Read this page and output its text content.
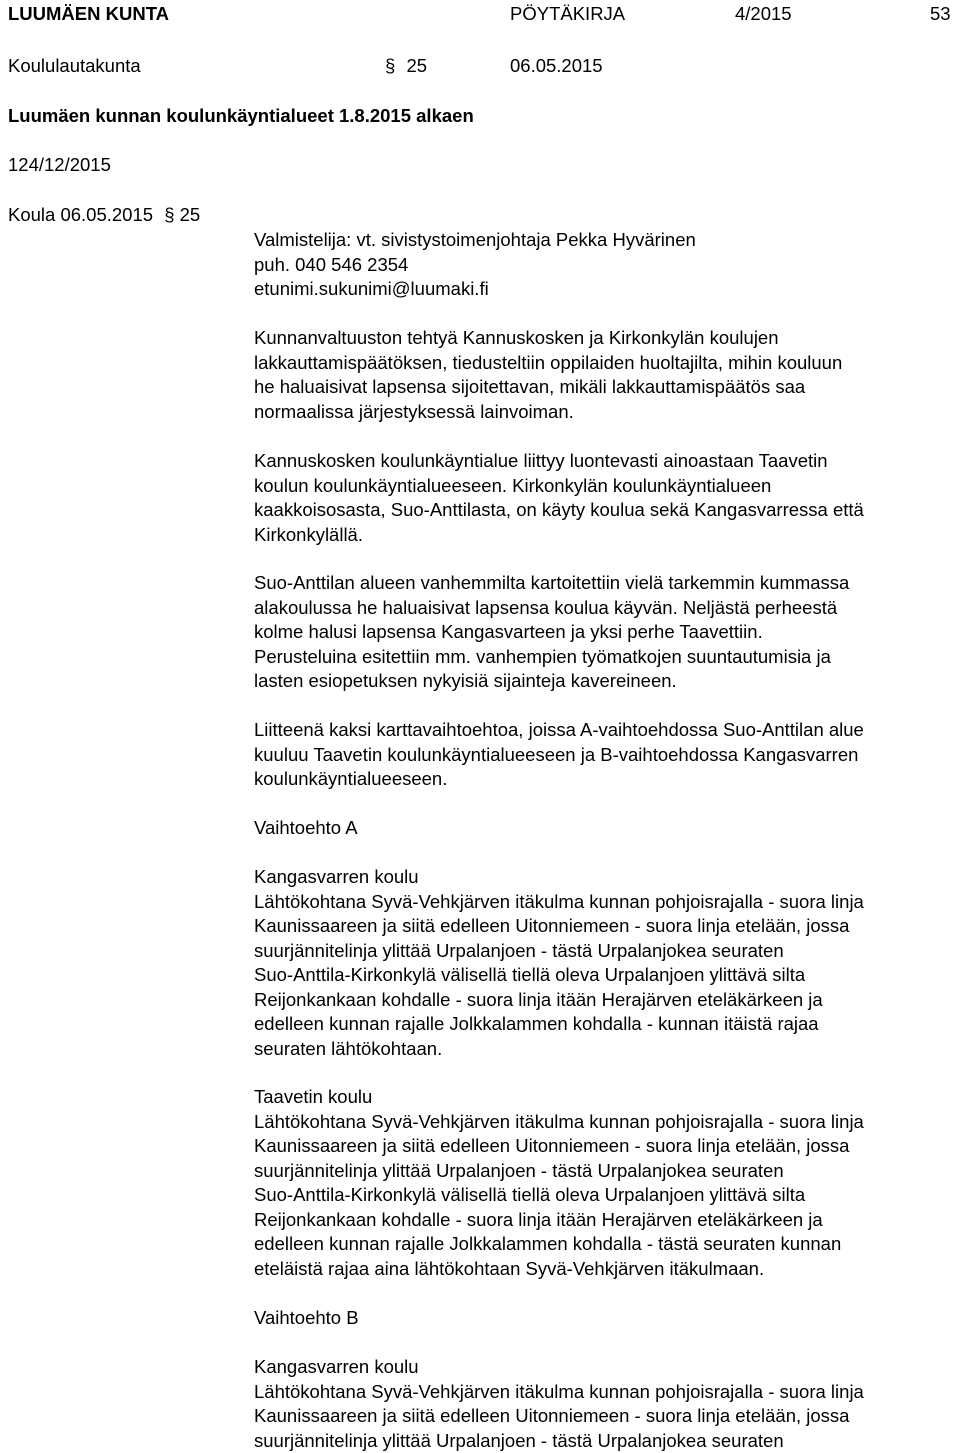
LUUMÄEN KUNTA	PÖYTÄKIRJA	4/2015	53
Koululautakunta	§ 25	06.05.2015
Luumäen kunnan koulunkäyntialueet 1.8.2015 alkaen
124/12/2015
Koula 06.05.2015 § 25
Valmistelija: vt. sivistystoimenjohtaja Pekka Hyvärinen
puh. 040 546 2354
etunimi.sukunimi@luumaki.fi
Kunnanvaltuuston tehtyä Kannuskosken ja Kirkonkylän koulujen
lakkauttamispäätöksen, tiedusteltiin oppilaiden huoltajilta, mihin kouluun
he haluaisivat lapsensa sijoitettavan, mikäli lakkauttamispäätös saa
normaalissa järjestyksessä lainvoiman.
Kannuskosken koulunkäyntialue liittyy luontevasti ainoastaan Taavetin
koulun koulunkäyntialueeseen. Kirkonkylän koulunkäyntialueen
kaakkoisosasta, Suo-Anttilasta, on käyty koulua sekä Kangasvarressa että
Kirkonkylällä.
Suo-Anttilan alueen vanhemmilta kartoitettiin vielä tarkemmin kummassa
alakoulussa he haluaisivat lapsensa koulua käyvän. Neljästä perheestä
kolme halusi lapsensa Kangasvarteen ja yksi perhe Taavettiin.
Perusteluina esitettiin mm. vanhempien työmatkojen suuntautumisia ja
lasten esiopetuksen nykyisiä sijainteja kavereineen.
Liitteenä kaksi karttavaihtoehtoa, joissa A-vaihtoehdossa Suo-Anttilan alue
kuuluu Taavetin koulunkäyntialueeseen ja B-vaihtoehdossa Kangasvarren
koulunkäyntialueeseen.
Vaihtoehto A
Kangasvarren koulu
Lähtökohtana Syvä-Vehkjärven itäkulma kunnan pohjoisrajalla - suora linja
Kaunissaareen ja siitä edelleen Uitonniemeen - suora linja etelään, jossa
suurjännitelinja ylittää Urpalanjoen - tästä Urpalanjokea seuraten
Suo-Anttila-Kirkonkylä välisellä tiellä oleva Urpalanjoen ylittävä silta
Reijonkankaan kohdalle - suora linja itään Herajärven eteläkärkeen ja
edelleen kunnan rajalle Jolkkalammen kohdalla - kunnan itäistä rajaa
seuraten lähtökohtaan.
Taavetin koulu
Lähtökohtana Syvä-Vehkjärven itäkulma kunnan pohjoisrajalla - suora linja
Kaunissaareen ja siitä edelleen Uitonniemeen - suora linja etelään, jossa
suurjännitelinja ylittää Urpalanjoen - tästä Urpalanjokea seuraten
Suo-Anttila-Kirkonkylä välisellä tiellä oleva Urpalanjoen ylittävä silta
Reijonkankaan kohdalle - suora linja itään Herajärven eteläkärkeen ja
edelleen kunnan rajalle Jolkkalammen kohdalla - tästä seuraten kunnan
eteläistä rajaa aina lähtökohtaan Syvä-Vehkjärven itäkulmaan.
Vaihtoehto B
Kangasvarren koulu
Lähtökohtana Syvä-Vehkjärven itäkulma kunnan pohjoisrajalla - suora linja
Kaunissaareen ja siitä edelleen Uitonniemeen - suora linja etelään, jossa
suurjännitelinja ylittää Urpalanjoen - tästä Urpalanjokea seuraten
